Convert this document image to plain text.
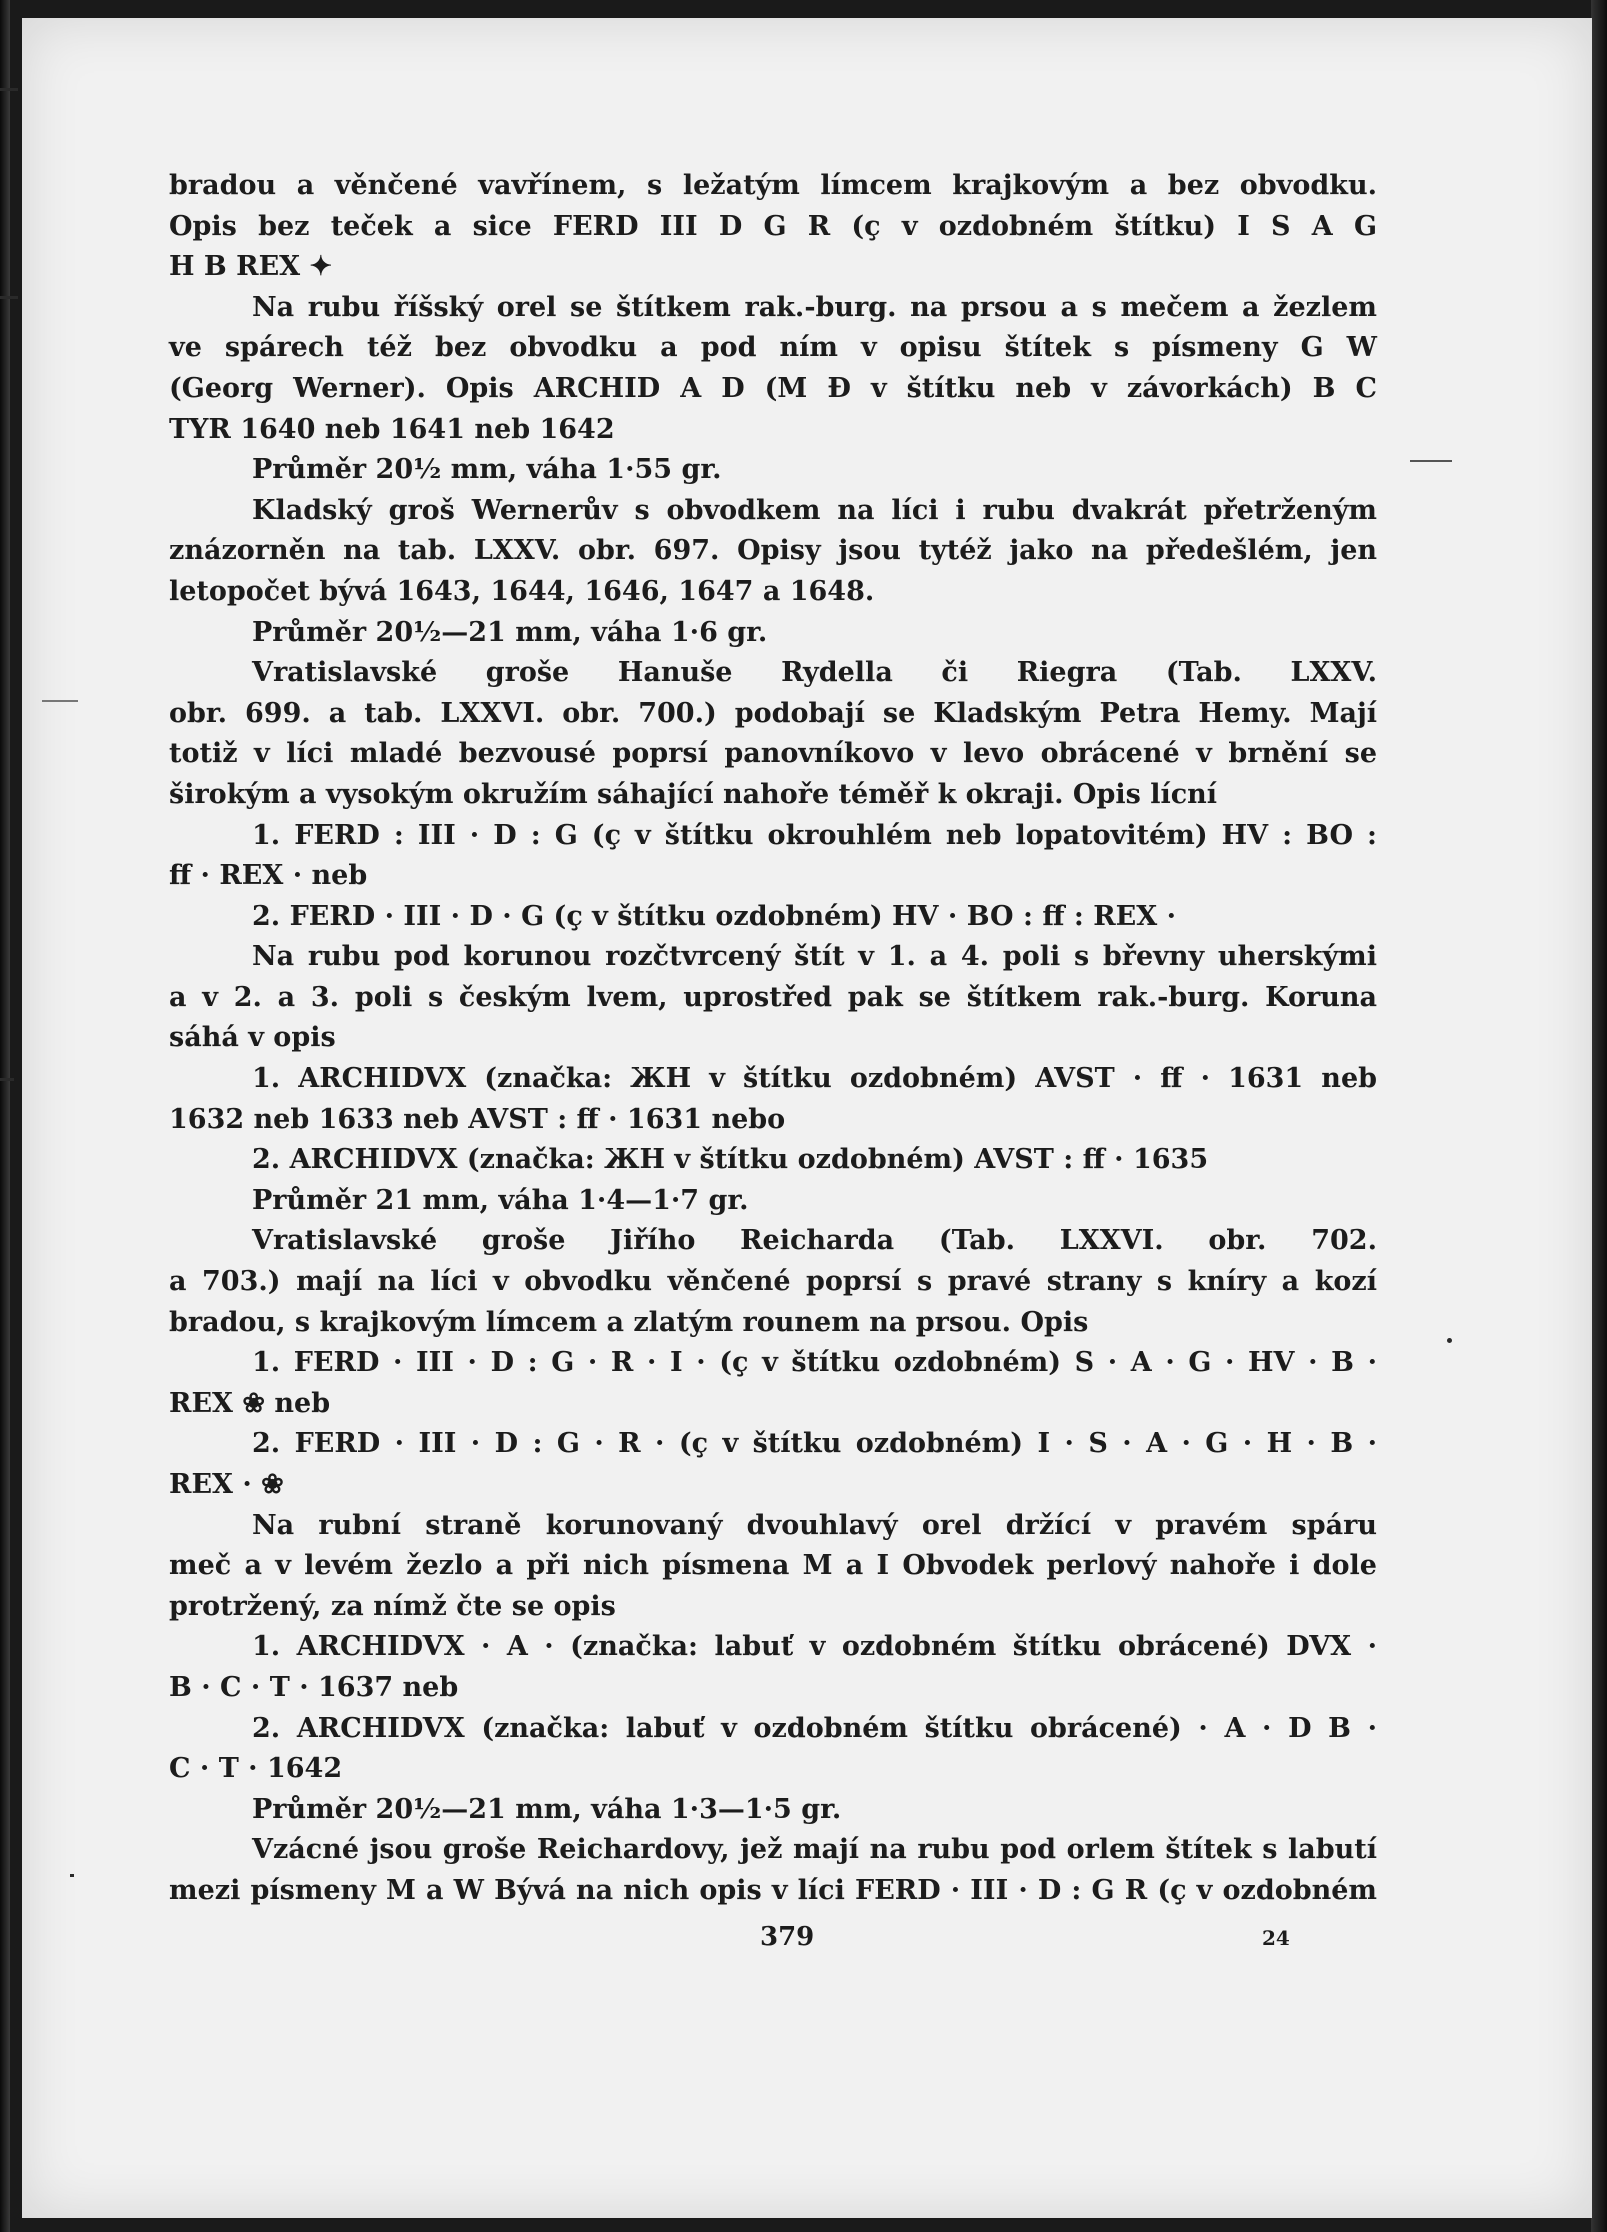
bradou a věnčené vavřínem, s ležatým límcem krajkovým a bez obvodku.
Opis bez teček a sice FERD III D G R (ç v ozdobném štítku) I S A G
H B REX ✦
Na rubu říšský orel se štítkem rak.-burg. na prsou a s mečem a žezlem
ve spárech též bez obvodku a pod ním v opisu štítek s písmeny G W
(Georg Werner). Opis ARCHID A D (M Ð v štítku neb v závorkách) B C
TYR 1640 neb 1641 neb 1642
Průměr 20½ mm, váha 1·55 gr.
Kladský groš Wernerův s obvodkem na líci i rubu dvakrát přetrženým
znázorněn na tab. LXXV. obr. 697. Opisy jsou tytéž jako na předešlém, jen
letopočet bývá 1643, 1644, 1646, 1647 a 1648.
Průměr 20½—21 mm, váha 1·6 gr.
Vratislavské groše Hanuše Rydella či Riegra (Tab. LXXV.
obr. 699. a tab. LXXVI. obr. 700.) podobají se Kladským Petra Hemy. Mají
totiž v líci mladé bezvousé poprsí panovníkovo v levo obrácené v brnění se
širokým a vysokým okružím sáhající nahoře téměř k okraji. Opis lícní
1. FERD : III · D : G (ç v štítku okrouhlém neb lopatovitém) HV : BO :
ff · REX · neb
2. FERD · III · D · G (ç v štítku ozdobném) HV · BO : ff : REX ·
Na rubu pod korunou rozčtvrcený štít v 1. a 4. poli s břevny uherskými
a v 2. a 3. poli s českým lvem, uprostřed pak se štítkem rak.-burg. Koruna
sáhá v opis
1. ARCHIDVX (značka: ЖH v štítku ozdobném) AVST · ff · 1631 neb
1632 neb 1633 neb AVST : ff · 1631 nebo
2. ARCHIDVX (značka: ЖH v štítku ozdobném) AVST : ff · 1635
Průměr 21 mm, váha 1·4—1·7 gr.
Vratislavské groše Jiřího Reicharda (Tab. LXXVI. obr. 702.
a 703.) mají na líci v obvodku věnčené poprsí s pravé strany s kníry a kozí
bradou, s krajkovým límcem a zlatým rounem na prsou. Opis
1. FERD · III · D : G · R · I · (ç v štítku ozdobném) S · A · G · HV · B ·
REX ❀ neb
2. FERD · III · D : G · R · (ç v štítku ozdobném) I · S · A · G · H · B ·
REX · ❀
Na rubní straně korunovaný dvouhlavý orel držící v pravém spáru
meč a v levém žezlo a při nich písmena M a I Obvodek perlový nahoře i dole
protržený, za nímž čte se opis
1. ARCHIDVX · A · (značka: labuť v ozdobném štítku obrácené) DVX ·
B · C · T · 1637 neb
2. ARCHIDVX (značka: labuť v ozdobném štítku obrácené) · A · D B ·
C · T · 1642
Průměr 20½—21 mm, váha 1·3—1·5 gr.
Vzácné jsou groše Reichardovy, jež mají na rubu pod orlem štítek s labutí
mezi písmeny M a W Bývá na nich opis v líci FERD · III · D : G R (ç v ozdobném
379	24
